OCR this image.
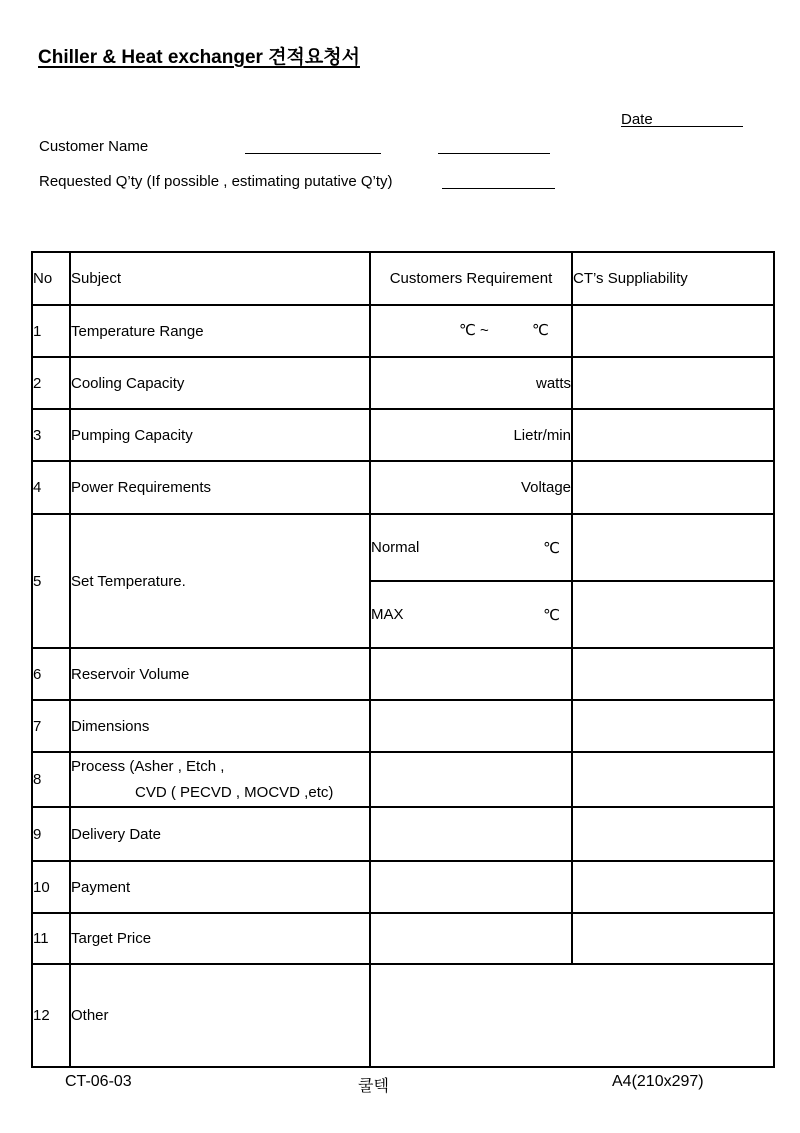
Chiller & Heat exchanger 견적요청서
Date
Customer Name
Requested Q’ty (If possible , estimating putative Q’ty)
No	Subject	Customers Requirement	CT’s Suppliability
1	Temperature Range	℃ ~ ℃	

2	Cooling Capacity	watts	
3	Pumping Capacity	Lietr/min	
4	Power Requirements	Voltage	
5	Set Temperature.	Normal ℃	

		MAX ℃	

6	Reservoir Volume		
7	Dimensions		
8	Process (Asher , Etch ,
CVD ( PECVD , MOCVD ,etc)		

9	Delivery Date		
10	Payment		
11	Target Price		
12	Other		
CT-06-03	쿨텍	A4(210x297)
